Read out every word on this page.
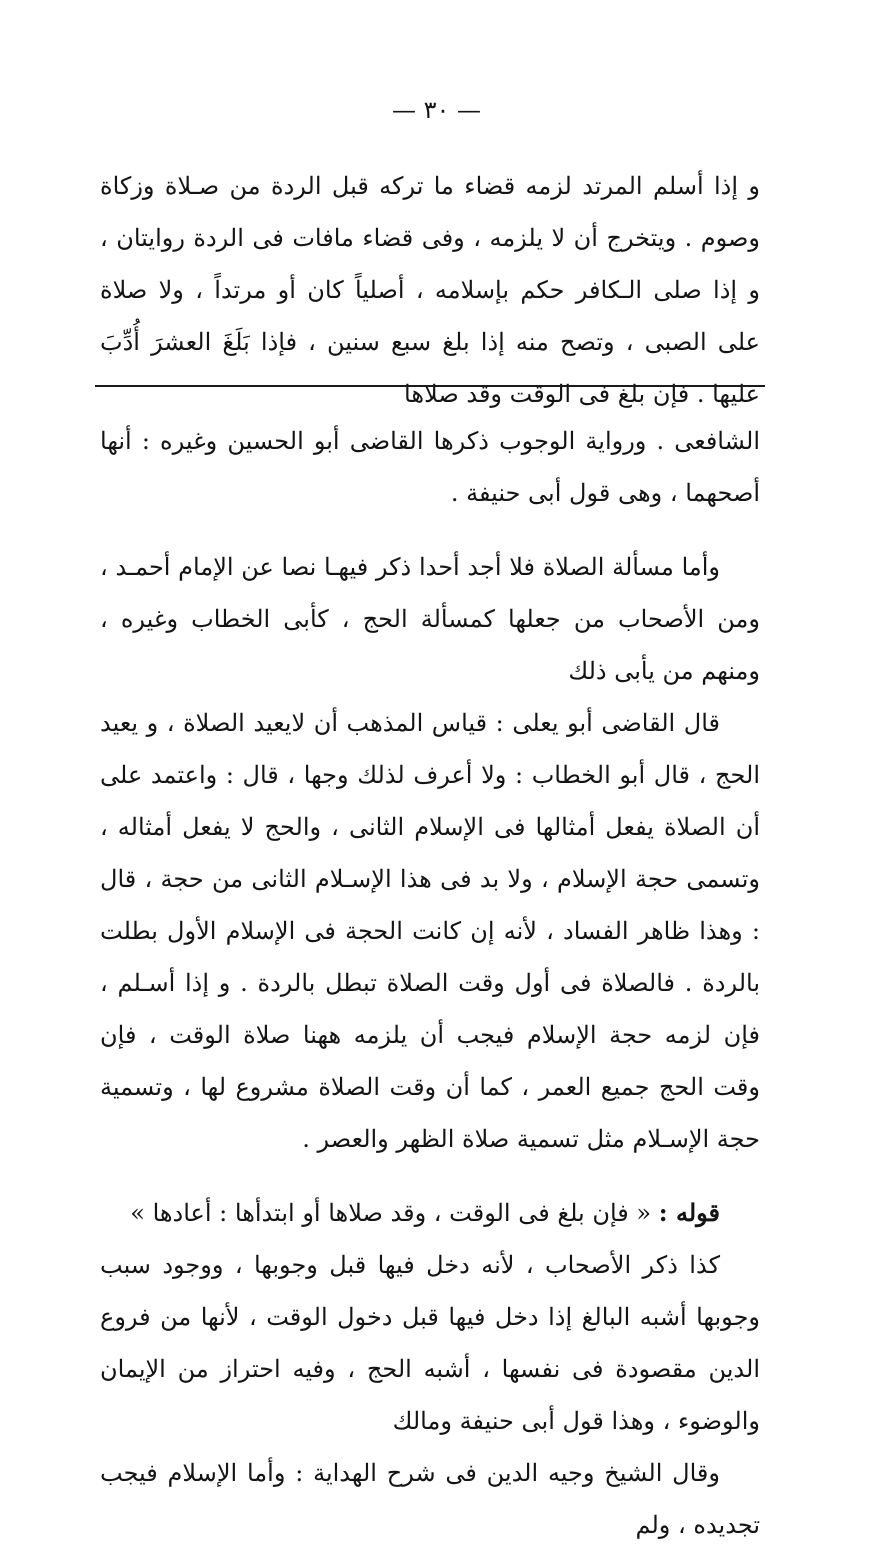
— ٣٠ —

و إذا أسلم المرتد لزمه قضاء ما تركه قبل الردة من صـلاة وزكاة وصوم . ويتخرج أن لا يلزمه ، وفى قضاء مافات فى الردة روايتان ، و إذا صلى الـكافر حكم بإسلامه ، أصلياً كان أو مرتداً ، ولا صلاة على الصبى ، وتصح منه إذا بلغ سبع سنين ، فإذا بَلَغَ العشرَ أُدِّبَ عليها . فإن بلغ فى الوقت وقد صلاها

الشافعى . ورواية الوجوب ذكرها القاضى أبو الحسين وغيره : أنها أصحهما ، وهى قول أبى حنيفة .

وأما مسألة الصلاة فلا أجد أحدا ذكر فيهـا نصا عن الإمام أحمـد ، ومن الأصحاب من جعلها كمسألة الحج ، كأبى الخطاب وغيره ، ومنهم من يأبى ذلك

قال القاضى أبو يعلى : قياس المذهب أن لايعيد الصلاة ، و يعيد الحج ، قال أبو الخطاب : ولا أعرف لذلك وجها ، قال : واعتمد على أن الصلاة يفعل أمثالها فى الإسلام الثانى ، والحج لا يفعل أمثاله ، وتسمى حجة الإسلام ، ولا بد فى هذا الإسـلام الثانى من حجة ، قال : وهذا ظاهر الفساد ، لأنه إن كانت الحجة فى الإسلام الأول بطلت بالردة . فالصلاة فى أول وقت الصلاة تبطل بالردة . و إذا أسـلم ، فإن لزمه حجة الإسلام فيجب أن يلزمه ههنا صلاة الوقت ، فإن وقت الحج جميع العمر ، كما أن وقت الصلاة مشروع لها ، وتسمية حجة الإسـلام مثل تسمية صلاة الظهر والعصر .

قوله : « فإن بلغ فى الوقت ، وقد صلاها أو ابتدأها : أعادها »

كذا ذكر الأصحاب ، لأنه دخل فيها قبل وجوبها ، ووجود سبب وجوبها أشبه البالغ إذا دخل فيها قبل دخول الوقت ، لأنها من فروع الدين مقصودة فى نفسها ، أشبه الحج ، وفيه احتراز من الإيمان والوضوء ، وهذا قول أبى حنيفة ومالك

وقال الشيخ وجيه الدين فى شرح الهداية : وأما الإسلام فيجب تجديده ، ولم
